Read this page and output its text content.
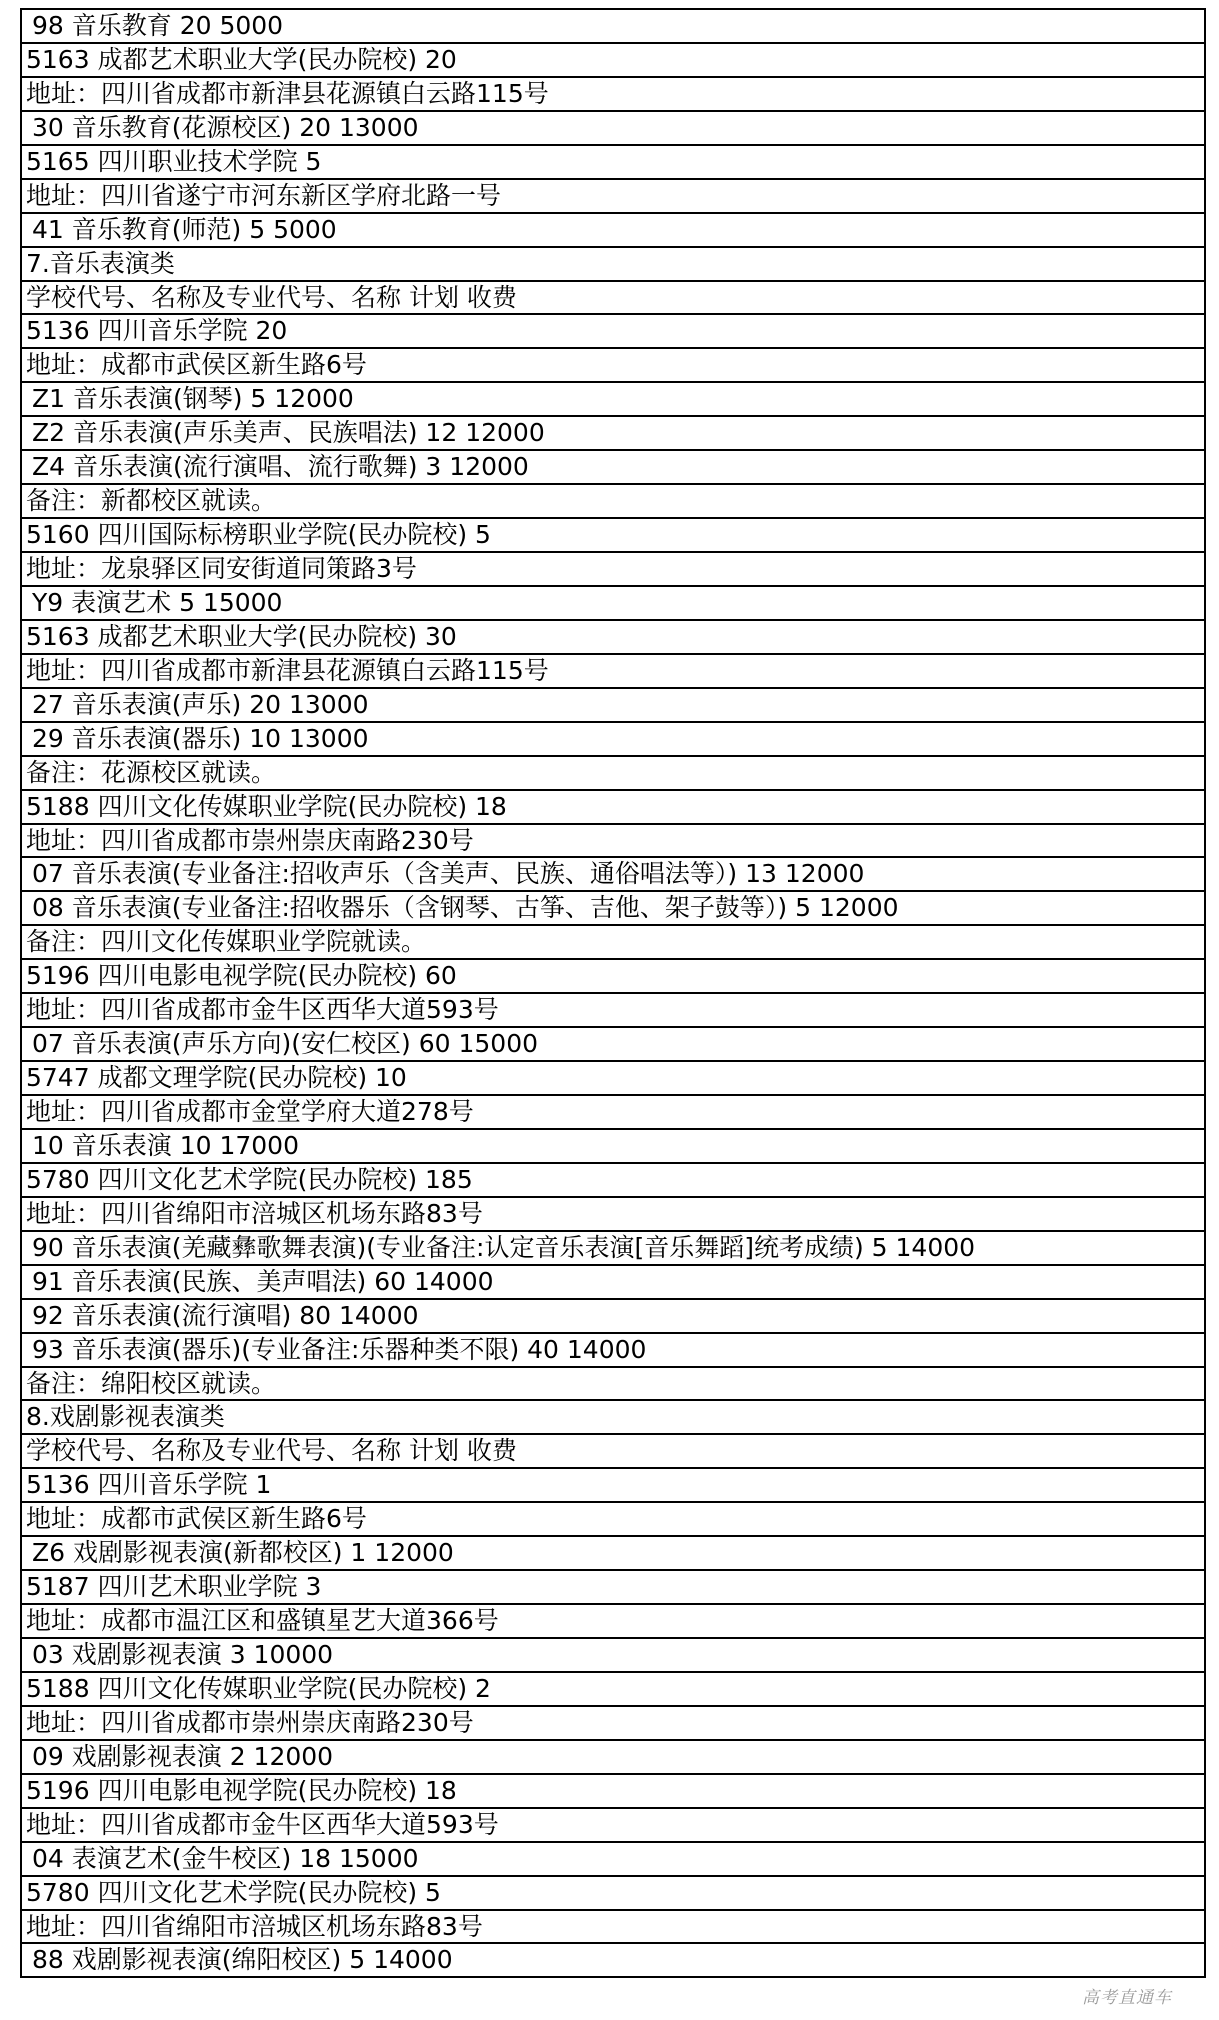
98 音乐教育 20 5000
5163 成都艺术职业大学(民办院校) 20
地址：四川省成都市新津县花源镇白云路115号
30 音乐教育(花源校区) 20 13000
5165 四川职业技术学院 5
地址：四川省遂宁市河东新区学府北路一号
41 音乐教育(师范) 5 5000
7.音乐表演类
学校代号、名称及专业代号、名称 计划 收费
5136 四川音乐学院 20
地址：成都市武侯区新生路6号
Z1 音乐表演(钢琴) 5 12000
Z2 音乐表演(声乐美声、民族唱法) 12 12000
Z4 音乐表演(流行演唱、流行歌舞) 3 12000
备注：新都校区就读。
5160 四川国际标榜职业学院(民办院校) 5
地址：龙泉驿区同安街道同策路3号
Y9 表演艺术 5 15000
5163 成都艺术职业大学(民办院校) 30
地址：四川省成都市新津县花源镇白云路115号
27 音乐表演(声乐) 20 13000
29 音乐表演(器乐) 10 13000
备注：花源校区就读。
5188 四川文化传媒职业学院(民办院校) 18
地址：四川省成都市崇州崇庆南路230号
07 音乐表演(专业备注:招收声乐（含美声、民族、通俗唱法等）) 13 12000
08 音乐表演(专业备注:招收器乐（含钢琴、古筝、吉他、架子鼓等）) 5 12000
备注：四川文化传媒职业学院就读。
5196 四川电影电视学院(民办院校) 60
地址：四川省成都市金牛区西华大道593号
07 音乐表演(声乐方向)(安仁校区) 60 15000
5747 成都文理学院(民办院校) 10
地址：四川省成都市金堂学府大道278号
10 音乐表演 10 17000
5780 四川文化艺术学院(民办院校) 185
地址：四川省绵阳市涪城区机场东路83号
90 音乐表演(羌藏彝歌舞表演)(专业备注:认定音乐表演[音乐舞蹈]统考成绩) 5 14000
91 音乐表演(民族、美声唱法) 60 14000
92 音乐表演(流行演唱) 80 14000
93 音乐表演(器乐)(专业备注:乐器种类不限) 40 14000
备注：绵阳校区就读。
8.戏剧影视表演类
学校代号、名称及专业代号、名称 计划 收费
5136 四川音乐学院 1
地址：成都市武侯区新生路6号
Z6 戏剧影视表演(新都校区) 1 12000
5187 四川艺术职业学院 3
地址：成都市温江区和盛镇星艺大道366号
03 戏剧影视表演 3 10000
5188 四川文化传媒职业学院(民办院校) 2
地址：四川省成都市崇州崇庆南路230号
09 戏剧影视表演 2 12000
5196 四川电影电视学院(民办院校) 18
地址：四川省成都市金牛区西华大道593号
04 表演艺术(金牛校区) 18 15000
5780 四川文化艺术学院(民办院校) 5
地址：四川省绵阳市涪城区机场东路83号
88 戏剧影视表演(绵阳校区) 5 14000
高考直通车
